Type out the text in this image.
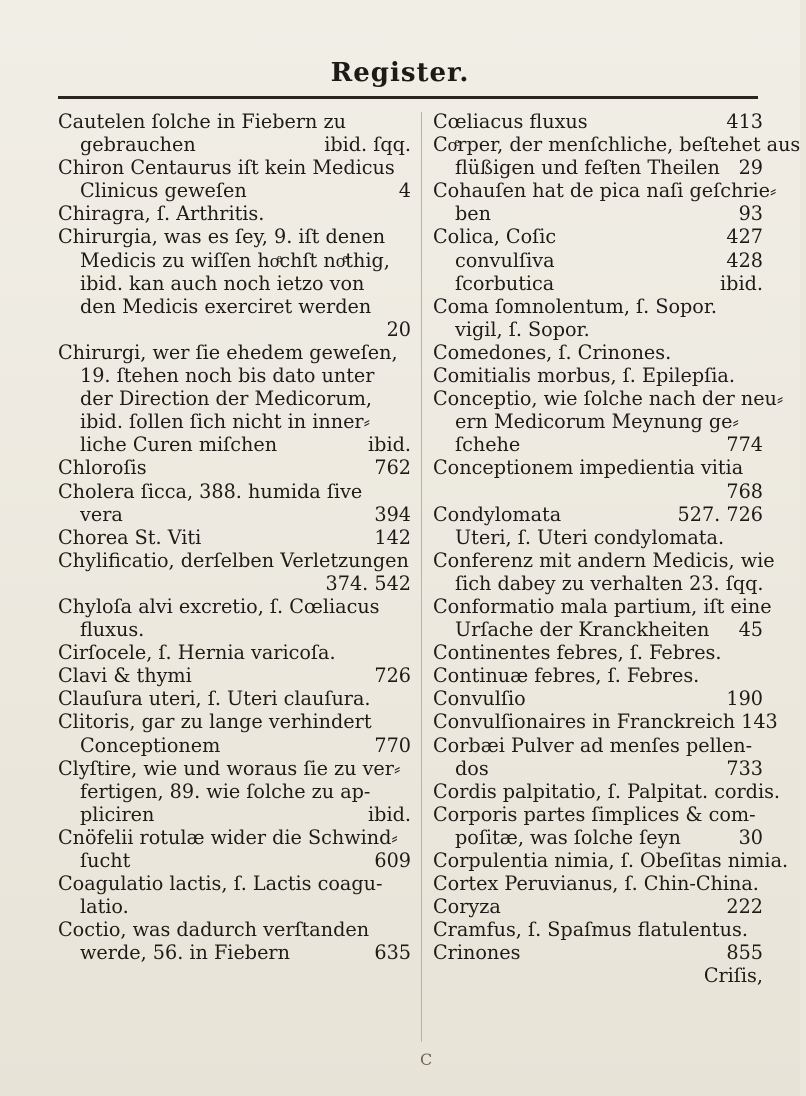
Register.
Cautelen ſolche in Fiebern zu
gebrauchen	ibid. ſqq.
Chiron Centaurus iſt kein Medicus
Clinicus geweſen	4
Chiragra, ſ. Arthritis.
Chirurgia, was es ſey, 9. iſt denen
Medicis zu wiſſen hoͤchſt noͤthig,
ibid. kan auch noch ietzo von
den Medicis exerciret werden
20
Chirurgi, wer ſie ehedem geweſen,
19. ſtehen noch bis dato unter
der Direction der Medicorum,
ibid. ſollen ſich nicht in inner⸗
liche Curen miſchen	ibid.
Chloroſis	762
Cholera ſicca, 388. humida ſive
vera	394
Chorea St. Viti	142
Chylificatio, derſelben Verletzungen
374. 542
Chyloſa alvi excretio, ſ. Cœliacus
fluxus.
Cirſocele, ſ. Hernia varicoſa.
Clavi & thymi	726
Clauſura uteri, ſ. Uteri clauſura.
Clitoris, gar zu lange verhindert
Conceptionem	770
Clyſtire, wie und woraus ſie zu ver⸗
fertigen, 89. wie ſolche zu ap-
pliciren	ibid.
Cnöfelii rotulæ wider die Schwind⸗
ſucht	609
Coagulatio lactis, ſ. Lactis coagu-
latio.
Coctio, was dadurch verſtanden
werde, 56. in Fiebern	635
Cœliacus fluxus	413
Coͤrper, der menſchliche, beſtehet aus
flüßigen und feſten Theilen 29
Cohauſen hat de pica naſi geſchrie⸗
ben	93
Colica, Coſic	427
convulſiva	428
ſcorbutica	ibid.
Coma ſomnolentum, ſ. Sopor.
vigil, ſ. Sopor.
Comedones, ſ. Crinones.
Comitialis morbus, ſ. Epilepſia.
Conceptio, wie ſolche nach der neu⸗
ern Medicorum Meynung ge⸗
ſchehe	774
Conceptionem impedientia vitia
768
Condylomata	527. 726
Uteri, ſ. Uteri condylomata.
Conferenz mit andern Medicis, wie
ſich dabey zu verhalten 23. ſqq.
Conformatio mala partium, iſt eine
Urſache der Kranckheiten	45
Continentes febres, ſ. Febres.
Continuæ febres, ſ. Febres.
Convulſio	190
Convulſionaires in Franckreich 143
Corbæi Pulver ad menſes pellen-
dos	733
Cordis palpitatio, ſ. Palpitat. cordis.
Corporis partes ſimplices & com-
poſitæ, was ſolche ſeyn	30
Corpulentia nimia, ſ. Obeſitas nimia.
Cortex Peruvianus, ſ. Chin-China.
Coryza	222
Cramfus, ſ. Spaſmus flatulentus.
Crinones	855
Criſis,
C
